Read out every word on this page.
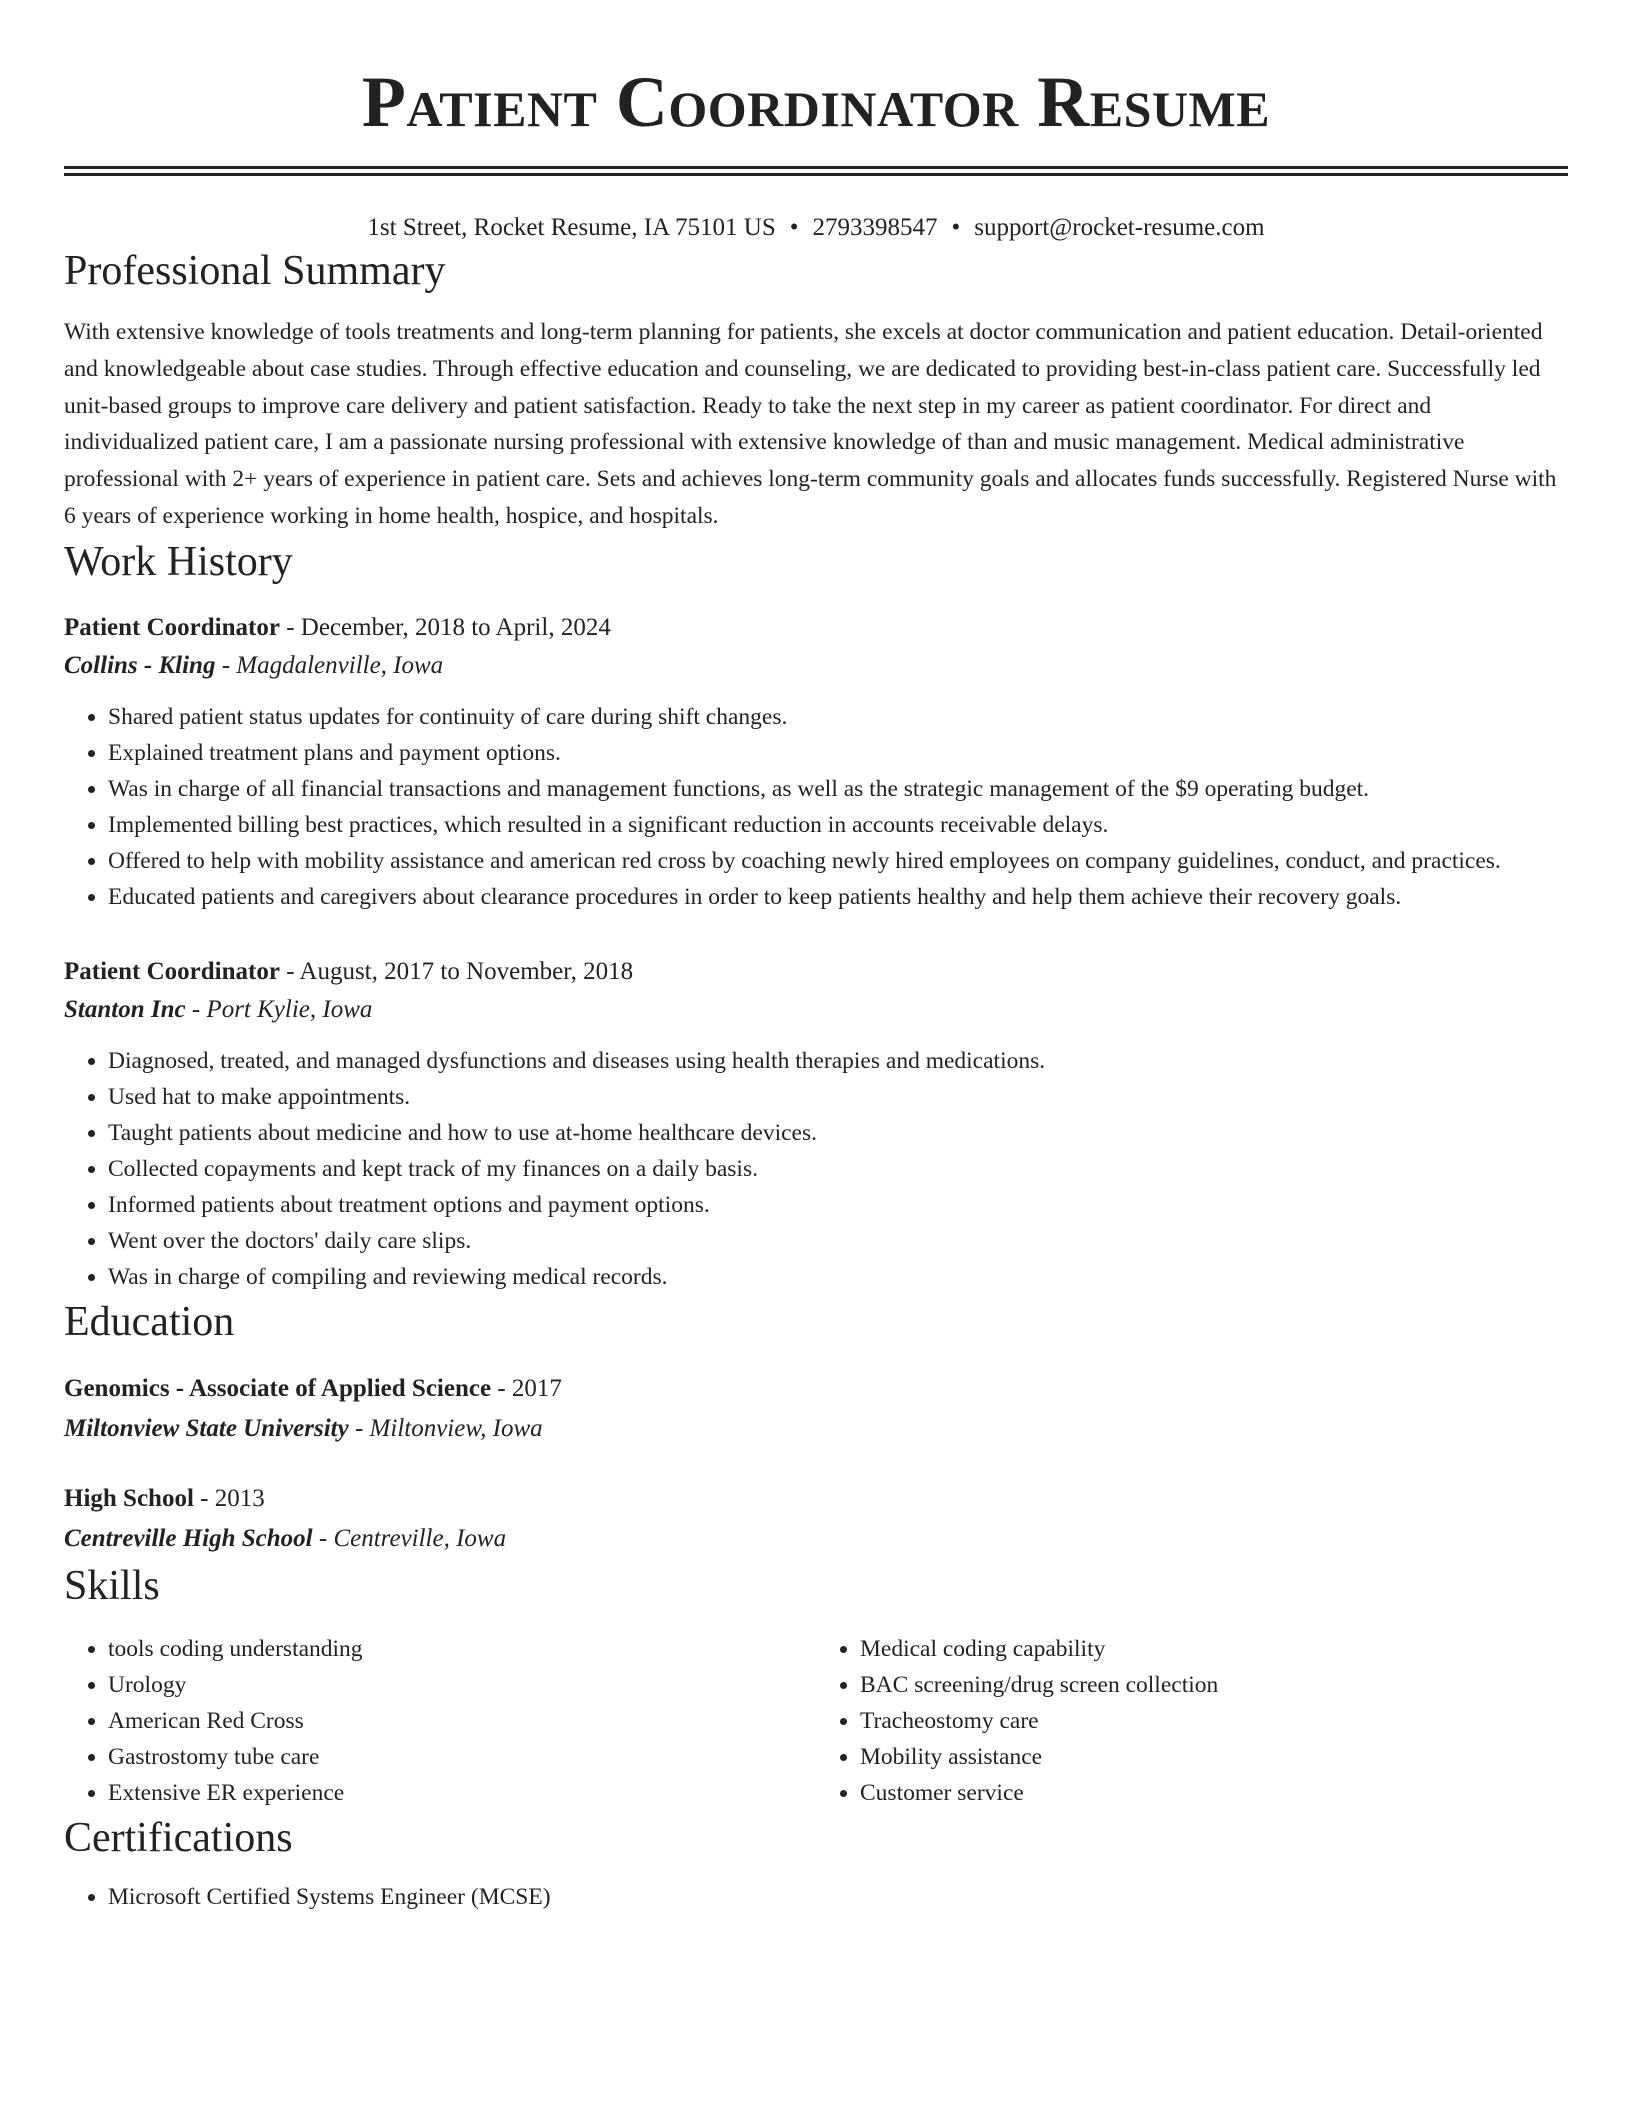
Patient Coordinator Resume
1st Street, Rocket Resume, IA 75101 US • 2793398547 • support@rocket-resume.com
Professional Summary
With extensive knowledge of tools treatments and long-term planning for patients, she excels at doctor communication and patient education. Detail-oriented and knowledgeable about case studies. Through effective education and counseling, we are dedicated to providing best-in-class patient care. Successfully led unit-based groups to improve care delivery and patient satisfaction. Ready to take the next step in my career as patient coordinator. For direct and individualized patient care, I am a passionate nursing professional with extensive knowledge of than and music management. Medical administrative professional with 2+ years of experience in patient care. Sets and achieves long-term community goals and allocates funds successfully. Registered Nurse with 6 years of experience working in home health, hospice, and hospitals.
Work History
Patient Coordinator - December, 2018 to April, 2024
Collins - Kling - Magdalenville, Iowa
• Shared patient status updates for continuity of care during shift changes.
• Explained treatment plans and payment options.
• Was in charge of all financial transactions and management functions, as well as the strategic management of the $9 operating budget.
• Implemented billing best practices, which resulted in a significant reduction in accounts receivable delays.
• Offered to help with mobility assistance and american red cross by coaching newly hired employees on company guidelines, conduct, and practices.
• Educated patients and caregivers about clearance procedures in order to keep patients healthy and help them achieve their recovery goals.
Patient Coordinator - August, 2017 to November, 2018
Stanton Inc - Port Kylie, Iowa
• Diagnosed, treated, and managed dysfunctions and diseases using health therapies and medications.
• Used hat to make appointments.
• Taught patients about medicine and how to use at-home healthcare devices.
• Collected copayments and kept track of my finances on a daily basis.
• Informed patients about treatment options and payment options.
• Went over the doctors' daily care slips.
• Was in charge of compiling and reviewing medical records.
Education
Genomics - Associate of Applied Science - 2017
Miltonview State University - Miltonview, Iowa
High School - 2013
Centreville High School - Centreville, Iowa
Skills
• tools coding understanding
• Urology
• American Red Cross
• Gastrostomy tube care
• Extensive ER experience
• Medical coding capability
• BAC screening/drug screen collection
• Tracheostomy care
• Mobility assistance
• Customer service
Certifications
• Microsoft Certified Systems Engineer (MCSE)
